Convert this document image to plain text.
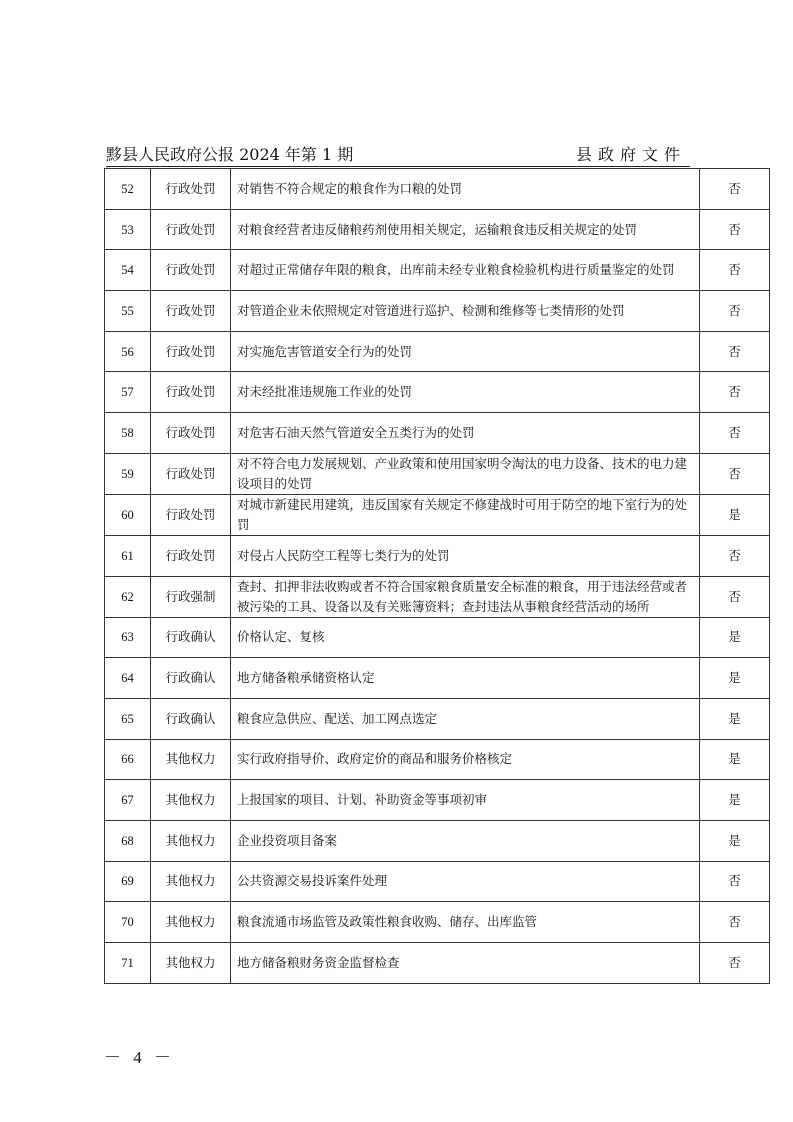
黟县人民政府公报 2024 年第 1 期	县政府文件
52	行政处罚	对销售不符合规定的粮食作为口粮的处罚	否
53	行政处罚	对粮食经营者违反储粮药剂使用相关规定，运输粮食违反相关规定的处罚	否
54	行政处罚	对超过正常储存年限的粮食，出库前未经专业粮食检验机构进行质量鉴定的处罚	否
55	行政处罚	对管道企业未依照规定对管道进行巡护、检测和维修等七类情形的处罚	否
56	行政处罚	对实施危害管道安全行为的处罚	否
57	行政处罚	对未经批准违规施工作业的处罚	否
58	行政处罚	对危害石油天然气管道安全五类行为的处罚	否
59	行政处罚	对不符合电力发展规划、产业政策和使用国家明令淘汰的电力设备、技术的电力建设项目的处罚	否
60	行政处罚	对城市新建民用建筑，违反国家有关规定不修建战时可用于防空的地下室行为的处罚	是
61	行政处罚	对侵占人民防空工程等七类行为的处罚	否
62	行政强制	查封、扣押非法收购或者不符合国家粮食质量安全标准的粮食，用于违法经营或者被污染的工具、设备以及有关账簿资料；查封违法从事粮食经营活动的场所	否
63	行政确认	价格认定、复核	是
64	行政确认	地方储备粮承储资格认定	是
65	行政确认	粮食应急供应、配送、加工网点选定	是
66	其他权力	实行政府指导价、政府定价的商品和服务价格核定	是
67	其他权力	上报国家的项目、计划、补助资金等事项初审	是
68	其他权力	企业投资项目备案	是
69	其他权力	公共资源交易投诉案件处理	否
70	其他权力	粮食流通市场监管及政策性粮食收购、储存、出库监管	否
71	其他权力	地方储备粮财务资金监督检查	否
－ 4 －
